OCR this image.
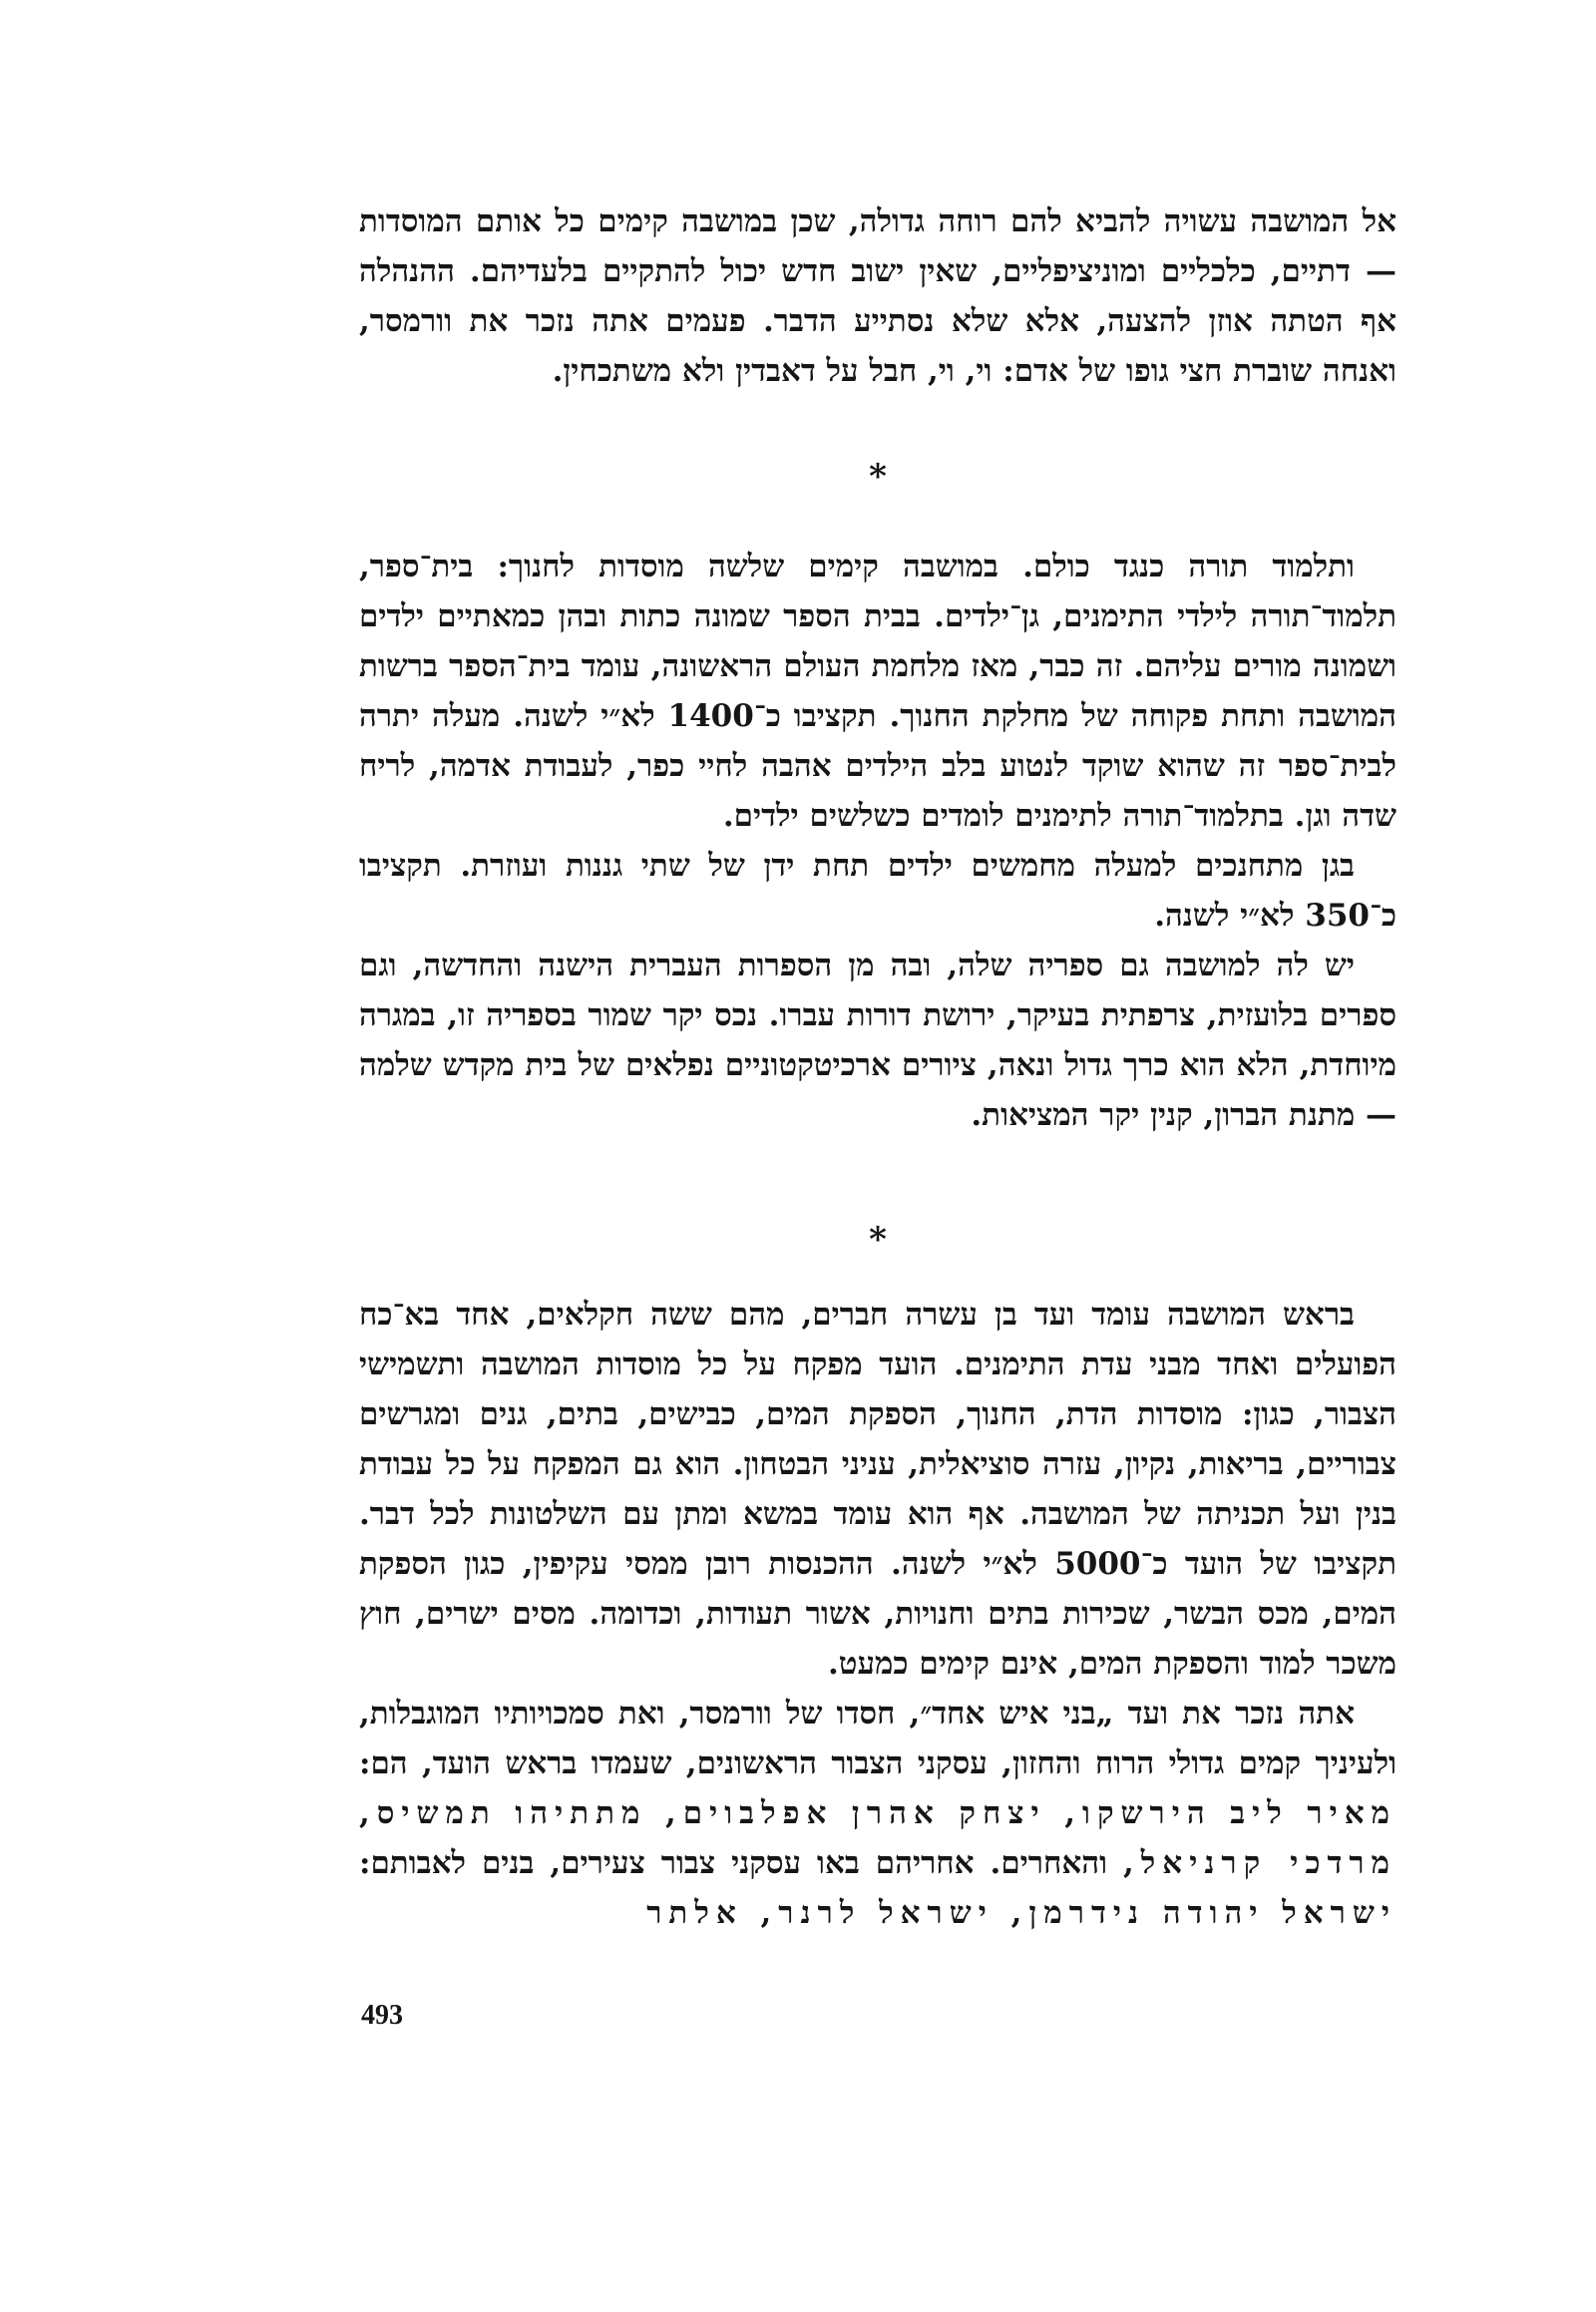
אל המושבה עשויה להביא להם רוחה גדולה, שכן במושבה קימים כל אותם המוסדות — דתיים, כלכליים ומוניציפליים, שאין ישוב חדש יכול להתקיים בלעדיהם. ההנהלה אף הטתה אוזן להצעה, אלא שלא נסתייע הדבר. פעמים אתה נזכר את וורמסר, ואנחה שוברת חצי גופו של אדם: וי, וי, חבל על דאבדין ולא משתכחין.

*

ותלמוד תורה כנגד כולם. במושבה קימים שלשה מוסדות לחנוך: בית־ספר, תלמוד־תורה לילדי התימנים, גן־ילדים. בבית הספר שמונה כתות ובהן כמאתיים ילדים ושמונה מורים עליהם. זה כבר, מאז מלחמת העולם הראשונה, עומד בית־הספר ברשות המושבה ותחת פקוחה של מחלקת החנוך. תקציבו כ־1400 לא״י לשנה. מעלה יתרה לבית־ספר זה שהוא שוקד לנטוע בלב הילדים אהבה לחיי כפר, לעבודת אדמה, לריח שדה וגן. בתלמוד־תורה לתימנים לומדים כשלשים ילדים.

בגן מתחנכים למעלה מחמשים ילדים תחת ידן של שתי גננות ועוזרת. תקציבו כ־350 לא״י לשנה.

יש לה למושבה גם ספריה שלה, ובה מן הספרות העברית הישנה והחדשה, וגם ספרים בלועזית, צרפתית בעיקר, ירושת דורות עברו. נכס יקר שמור בספריה זו, במגרה מיוחדת, הלא הוא כרך גדול ונאה, ציורים ארכיטקטוניים נפלאים של בית מקדש שלמה — מתנת הברון, קנין יקר המציאות.

*

בראש המושבה עומד ועד בן עשרה חברים, מהם ששה חקלאים, אחד בא־כח הפועלים ואחד מבני עדת התימנים. הועד מפקח על כל מוסדות המושבה ותשמישי הצבור, כגון: מוסדות הדת, החנוך, הספקת המים, כבישים, בתים, גנים ומגרשים צבוריים, בריאות, נקיון, עזרה סוציאלית, עניני הבטחון. הוא גם המפקח על כל עבודת בנין ועל תכניתה של המושבה. אף הוא עומד במשא ומתן עם השלטונות לכל דבר. תקציבו של הועד כ־5000 לא״י לשנה. ההכנסות רובן ממסי עקיפין, כגון הספקת המים, מכס הבשר, שכירות בתים וחנויות, אשור תעודות, וכדומה. מסים ישרים, חוץ משכר למוד והספקת המים, אינם קימים כמעט.

אתה נזכר את ועד „בני איש אחד״, חסדו של וורמסר, ואת סמכויותיו המוגבלות, ולעיניך קמים גדולי הרוח והחזון, עסקני הצבור הראשונים, שעמדו בראש הועד, הם: מאיר ליב הירשקו, יצחק אהרן אפלבוים, מתתיהו תמשיס, מרדכי קרניאל, והאחרים. אחריהם באו עסקני צבור צעירים, בנים לאבותם: ישראל יהודה נידרמן, ישראל לרנר, אלתר

493
